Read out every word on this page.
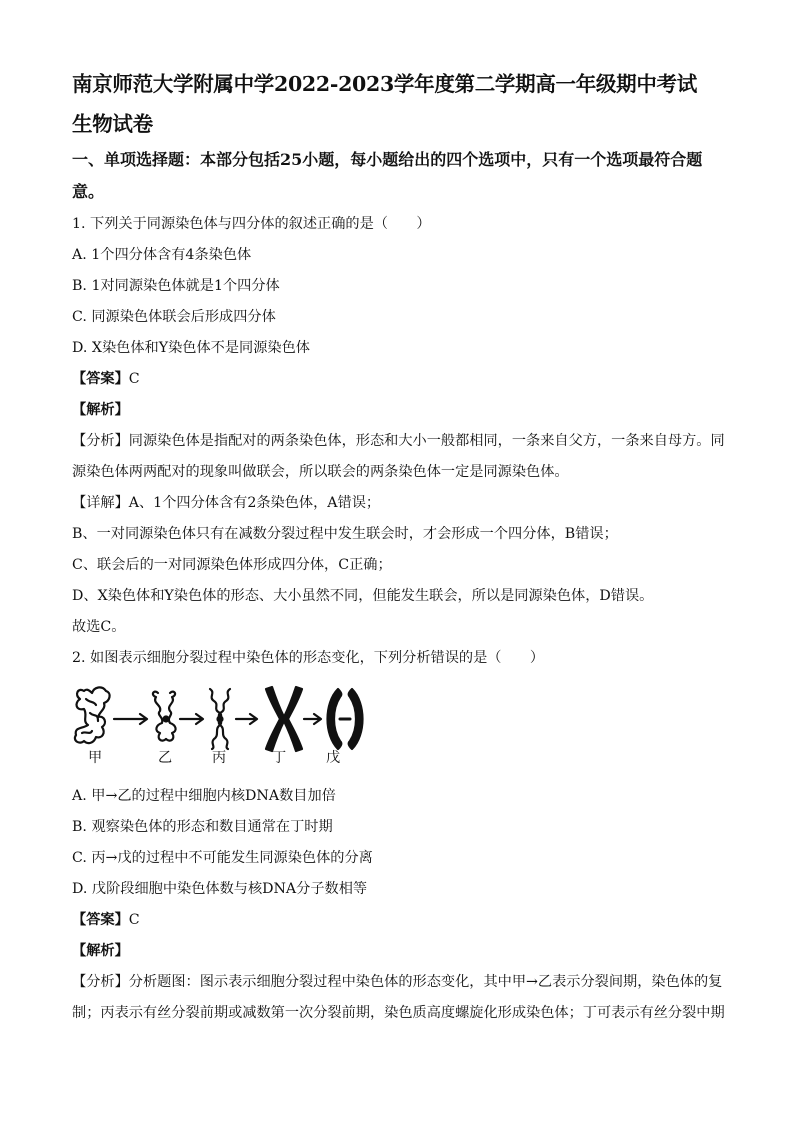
南京师范大学附属中学2022-2023学年度第二学期高一年级期中考试
生物试卷
一、单项选择题：本部分包括25小题，每小题给出的四个选项中，只有一个选项最符合题
意。
1. 下列关于同源染色体与四分体的叙述正确的是（　　）
A. 1个四分体含有4条染色体
B. 1对同源染色体就是1个四分体
C. 同源染色体联会后形成四分体
D. X染色体和Y染色体不是同源染色体
【答案】C
【解析】
【分析】同源染色体是指配对的两条染色体，形态和大小一般都相同，一条来自父方，一条来自母方。同
源染色体两两配对的现象叫做联会，所以联会的两条染色体一定是同源染色体。
【详解】A、1个四分体含有2条染色体，A错误；
B、一对同源染色体只有在减数分裂过程中发生联会时，才会形成一个四分体，B错误；
C、联会后的一对同源染色体形成四分体，C正确；
D、X染色体和Y染色体的形态、大小虽然不同，但能发生联会，所以是同源染色体，D错误。
故选C。
2. 如图表示细胞分裂过程中染色体的形态变化，下列分析错误的是（　　）
甲	乙	丙	丁	戊
A. 甲→乙的过程中细胞内核DNA数目加倍
B. 观察染色体的形态和数目通常在丁时期
C. 丙→戊的过程中不可能发生同源染色体的分离
D. 戊阶段细胞中染色体数与核DNA分子数相等
【答案】C
【解析】
【分析】分析题图：图示表示细胞分裂过程中染色体的形态变化，其中甲→乙表示分裂间期，染色体的复
制；丙表示有丝分裂前期或减数第一次分裂前期，染色质高度螺旋化形成染色体；丁可表示有丝分裂中期
